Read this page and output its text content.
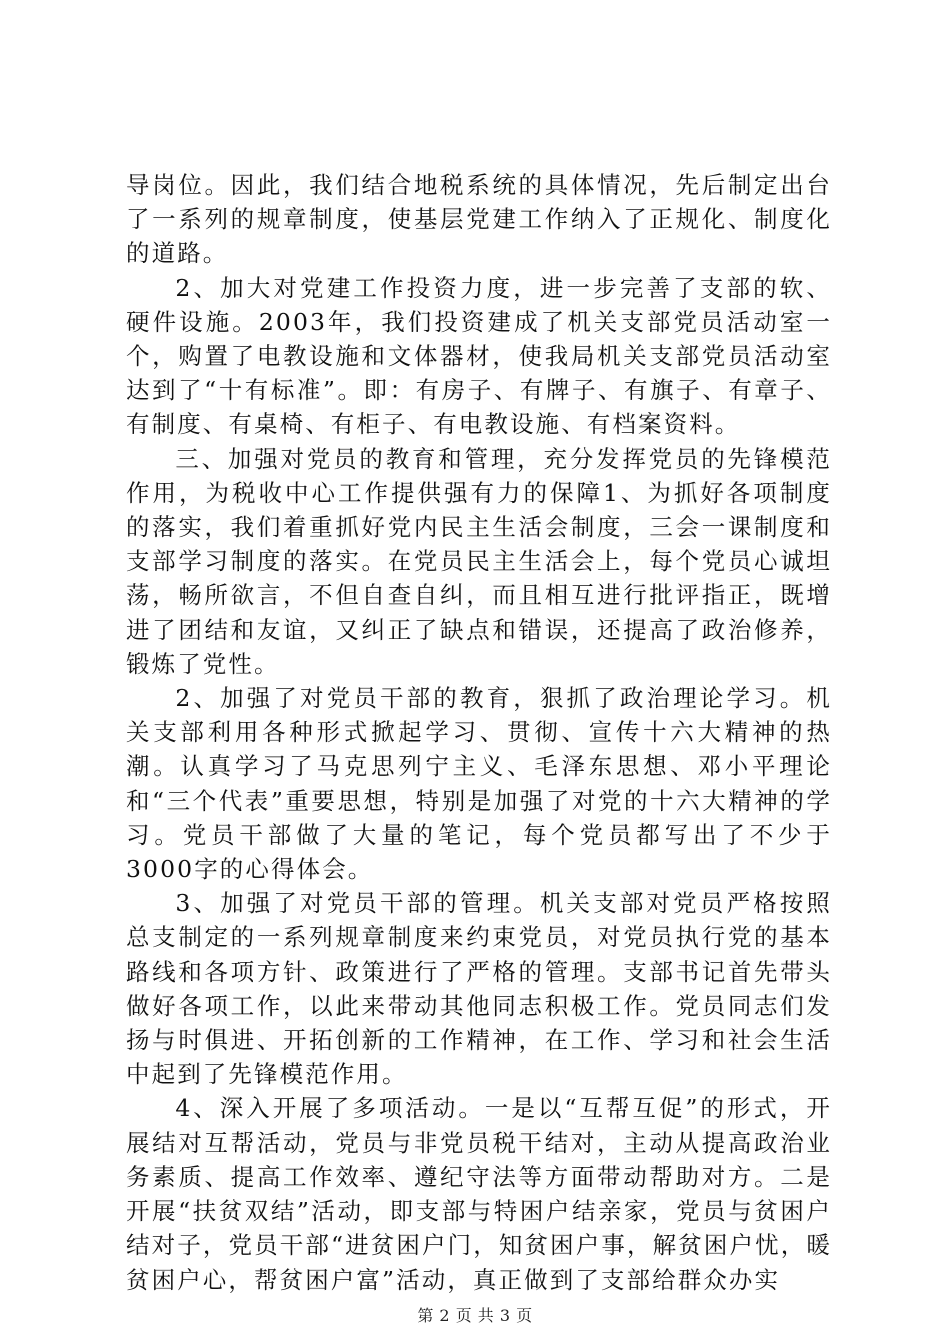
导岗位。因此，我们结合地税系统的具体情况，先后制定出台了一系列的规章制度，使基层党建工作纳入了正规化、制度化的道路。

2、加大对党建工作投资力度，进一步完善了支部的软、硬件设施。2003年，我们投资建成了机关支部党员活动室一个，购置了电教设施和文体器材，使我局机关支部党员活动室达到了“十有标准”。即：有房子、有牌子、有旗子、有章子、有制度、有桌椅、有柜子、有电教设施、有档案资料。

三、加强对党员的教育和管理，充分发挥党员的先锋模范作用，为税收中心工作提供强有力的保障1、为抓好各项制度的落实，我们着重抓好党内民主生活会制度，三会一课制度和支部学习制度的落实。在党员民主生活会上，每个党员心诚坦荡，畅所欲言，不但自查自纠，而且相互进行批评指正，既增进了团结和友谊，又纠正了缺点和错误，还提高了政治修养，锻炼了党性。

2、加强了对党员干部的教育，狠抓了政治理论学习。机关支部利用各种形式掀起学习、贯彻、宣传十六大精神的热潮。认真学习了马克思列宁主义、毛泽东思想、邓小平理论和“三个代表”重要思想，特别是加强了对党的十六大精神的学习。党员干部做了大量的笔记，每个党员都写出了不少于3000字的心得体会。

3、加强了对党员干部的管理。机关支部对党员严格按照总支制定的一系列规章制度来约束党员，对党员执行党的基本路线和各项方针、政策进行了严格的管理。支部书记首先带头做好各项工作，以此来带动其他同志积极工作。党员同志们发扬与时俱进、开拓创新的工作精神，在工作、学习和社会生活中起到了先锋模范作用。

4、深入开展了多项活动。一是以“互帮互促”的形式，开展结对互帮活动，党员与非党员税干结对，主动从提高政治业务素质、提高工作效率、遵纪守法等方面带动帮助对方。二是开展“扶贫双结”活动，即支部与特困户结亲家，党员与贫困户结对子，党员干部“进贫困户门，知贫困户事，解贫困户忧，暖贫困户心，帮贫困户富”活动，真正做到了支部给群众办实

第 2 页 共 3 页
